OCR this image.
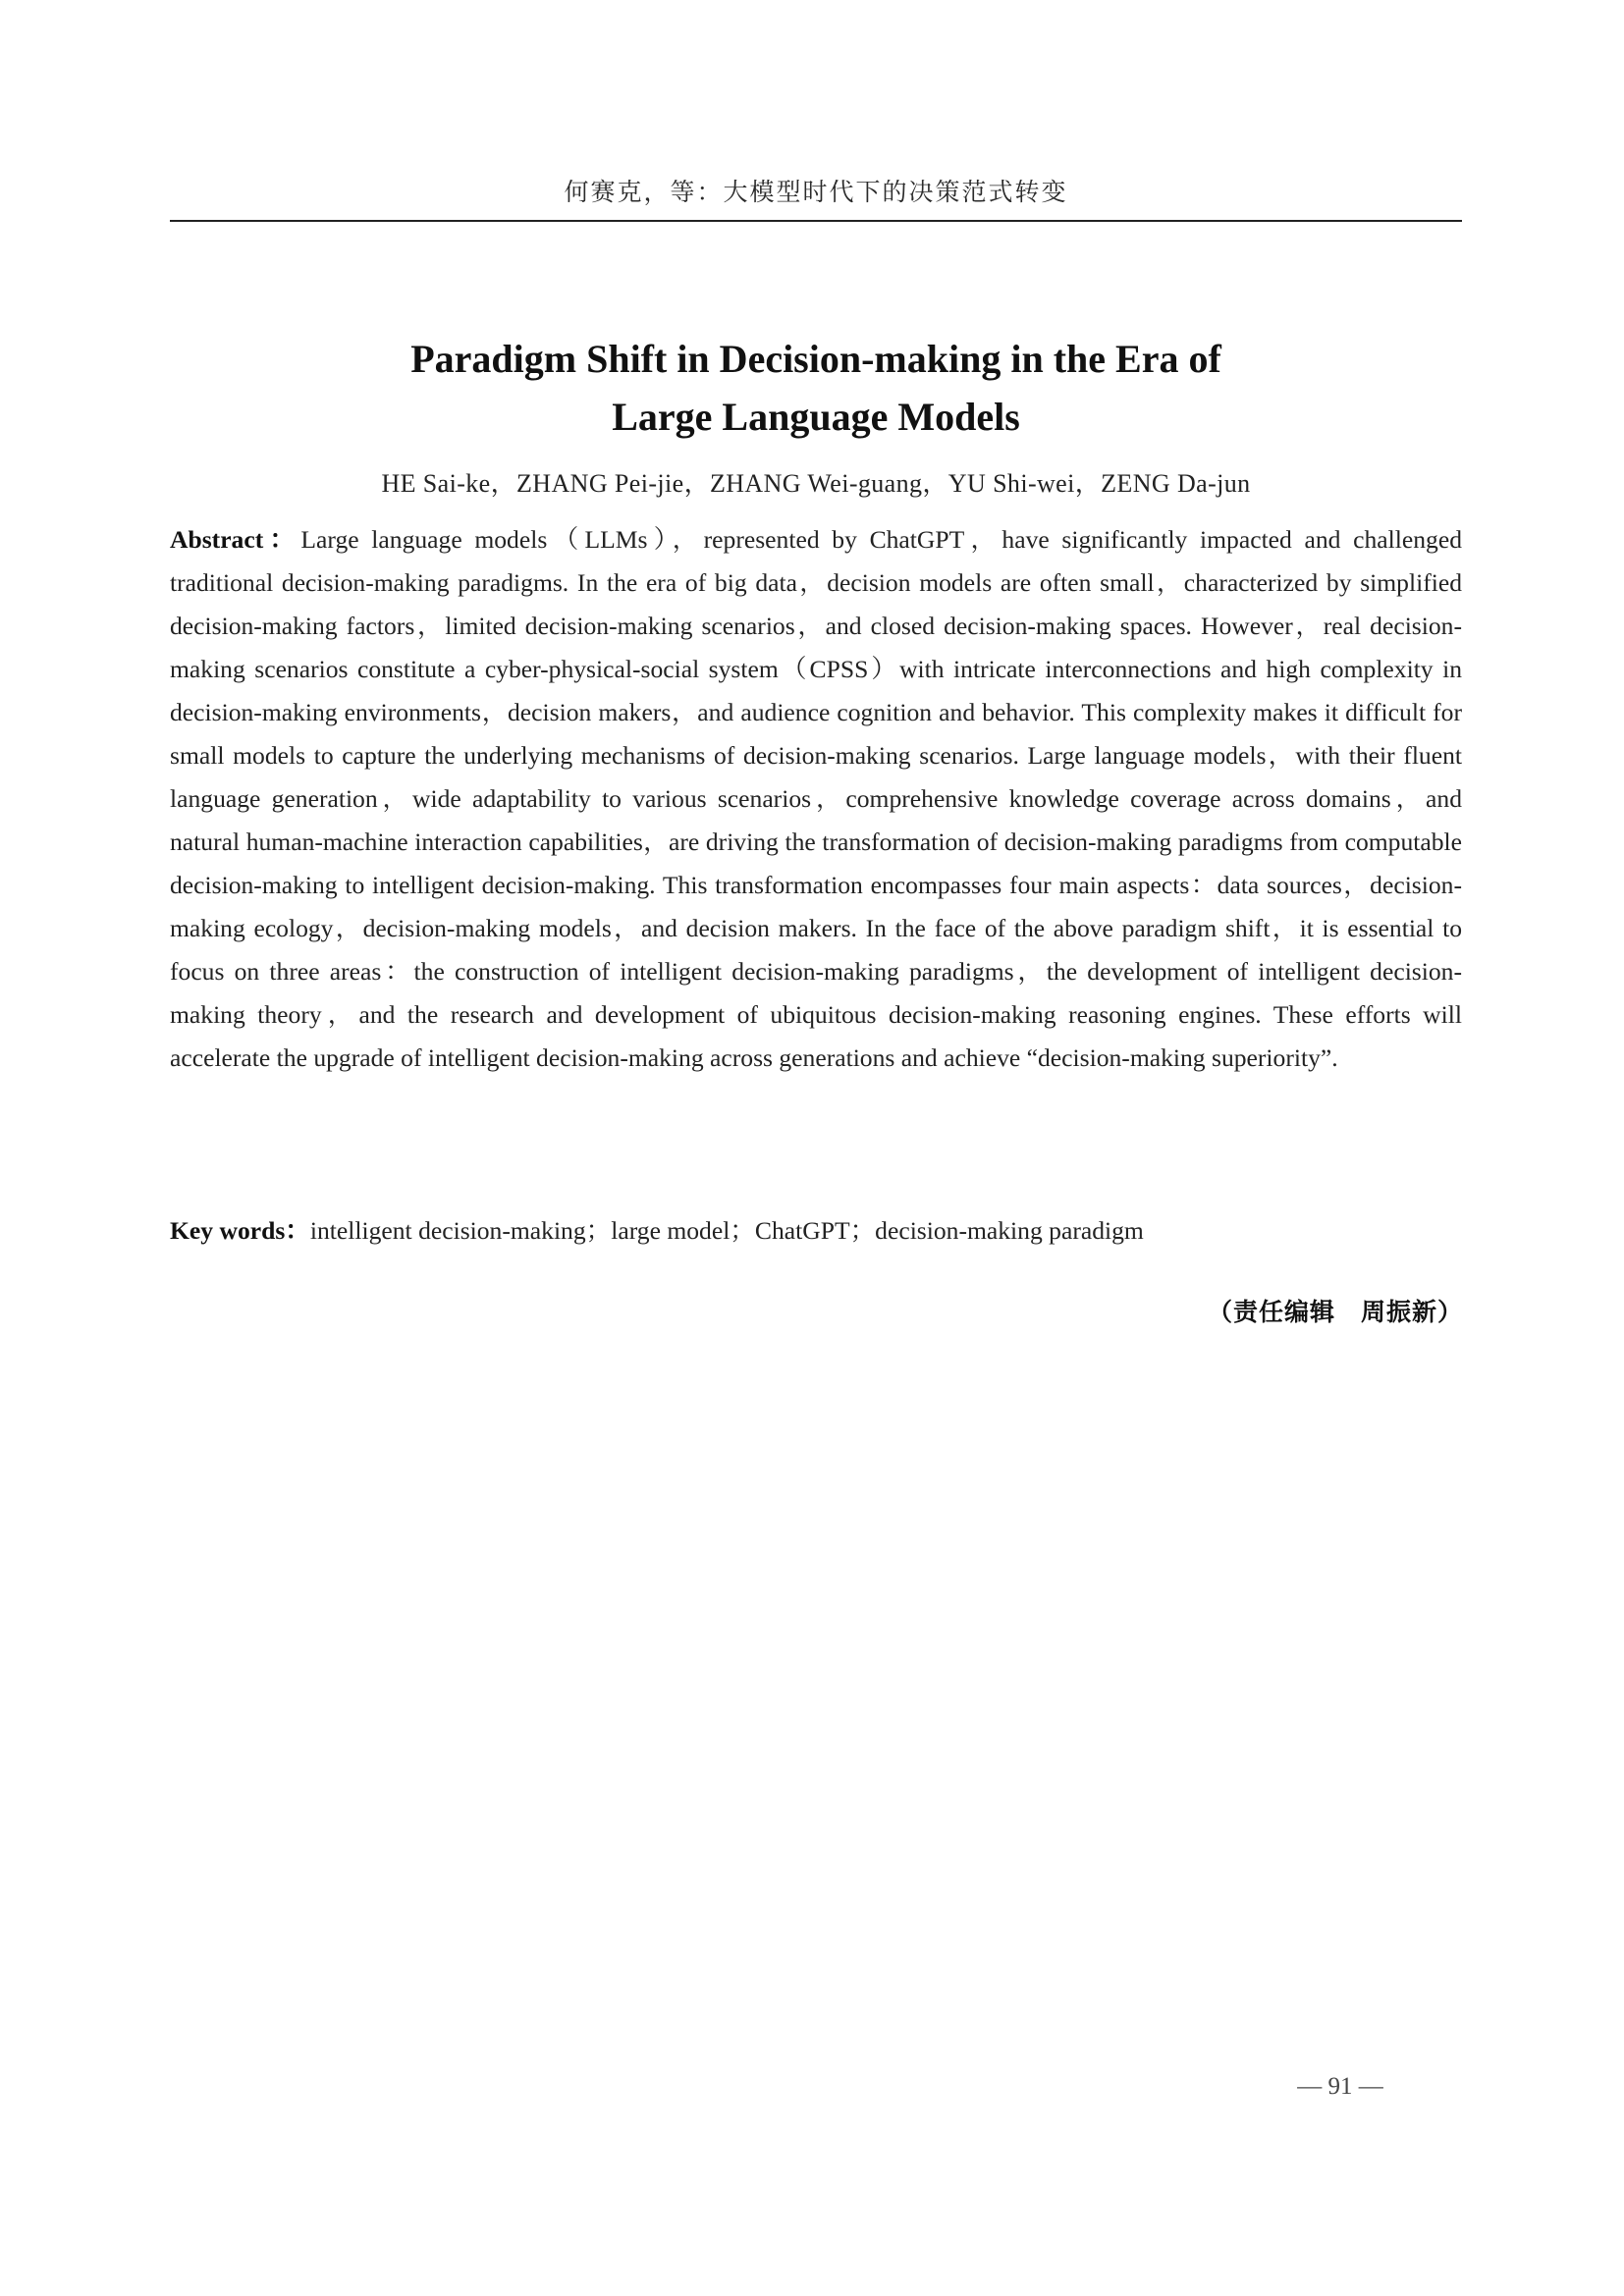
何赛克，等：大模型时代下的决策范式转变
Paradigm Shift in Decision-making in the Era of
Large Language Models
HE Sai-ke，ZHANG Pei-jie，ZHANG Wei-guang，YU Shi-wei，ZENG Da-jun

Abstract：Large language models（LLMs），represented by ChatGPT，have significantly impacted and challenged traditional decision-making paradigms. In the era of big data，decision models are often small，characterized by simplified decision-making factors，limited decision-making scenarios，and closed decision-making spaces. However，real decision-making scenarios constitute a cyber-physical-social system（CPSS）with intricate interconnections and high complexity in decision-making environments，decision makers，and audience cognition and behavior. This complexity makes it difficult for small models to capture the underlying mechanisms of decision-making scenarios. Large language models，with their fluent language generation，wide adaptability to various scenarios，comprehensive knowledge coverage across domains，and natural human-machine interaction capabilities，are driving the transformation of decision-making paradigms from computable decision-making to intelligent decision-making. This transformation encompasses four main aspects：data sources，decision-making ecology，decision-making models，and decision makers. In the face of the above paradigm shift，it is essential to focus on three areas：the construction of intelligent decision-making paradigms，the development of intelligent decision-making theory，and the research and development of ubiquitous decision-making reasoning engines. These efforts will accelerate the upgrade of intelligent decision-making across generations and achieve “decision-making superiority”.

Key words：intelligent decision-making；large model；ChatGPT；decision-making paradigm

（责任编辑　周振新）
— 91 —
